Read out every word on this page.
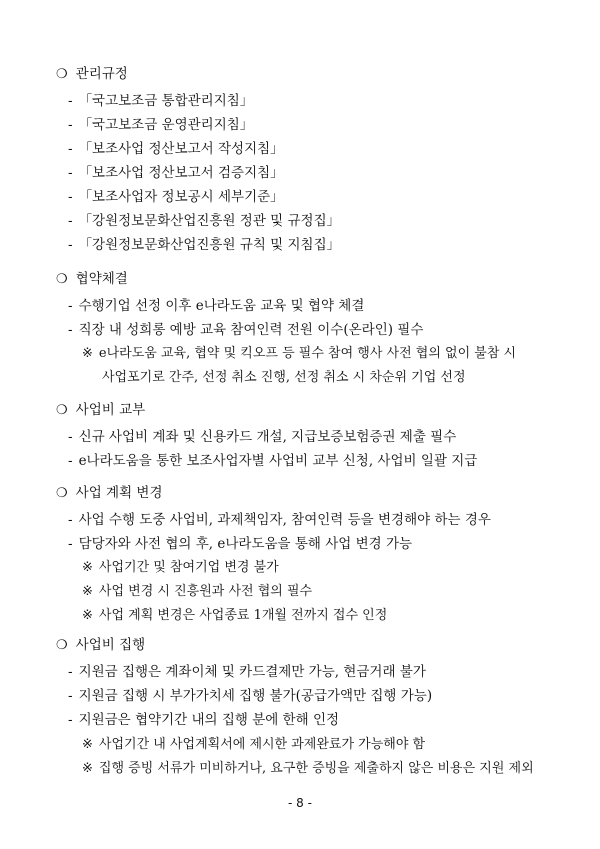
❍ 관리규정
- 「국고보조금 통합관리지침」
- 「국고보조금 운영관리지침」
- 「보조사업 정산보고서 작성지침」
- 「보조사업 정산보고서 검증지침」
- 「보조사업자 정보공시 세부기준」
- 「강원정보문화산업진흥원 정관 및 규정집」
- 「강원정보문화산업진흥원 규칙 및 지침집」
❍ 협약체결
- 수행기업 선정 이후 e나라도움 교육 및 협약 체결
- 직장 내 성희롱 예방 교육 참여인력 전원 이수(온라인) 필수
※ e나라도움 교육, 협약 및 킥오프 등 필수 참여 행사 사전 협의 없이 불참 시
사업포기로 간주, 선정 취소 진행, 선정 취소 시 차순위 기업 선정
❍ 사업비 교부
- 신규 사업비 계좌 및 신용카드 개설, 지급보증보험증권 제출 필수
- e나라도움을 통한 보조사업자별 사업비 교부 신청, 사업비 일괄 지급
❍ 사업 계획 변경
- 사업 수행 도중 사업비, 과제책임자, 참여인력 등을 변경해야 하는 경우
- 담당자와 사전 협의 후, e나라도움을 통해 사업 변경 가능
※ 사업기간 및 참여기업 변경 불가
※ 사업 변경 시 진흥원과 사전 협의 필수
※ 사업 계획 변경은 사업종료 1개월 전까지 접수 인정
❍ 사업비 집행
- 지원금 집행은 계좌이체 및 카드결제만 가능, 현금거래 불가
- 지원금 집행 시 부가가치세 집행 불가(공급가액만 집행 가능)
- 지원금은 협약기간 내의 집행 분에 한해 인정
※ 사업기간 내 사업계획서에 제시한 과제완료가 가능해야 함
※ 집행 증빙 서류가 미비하거나, 요구한 증빙을 제출하지 않은 비용은 지원 제외
- 8 -
